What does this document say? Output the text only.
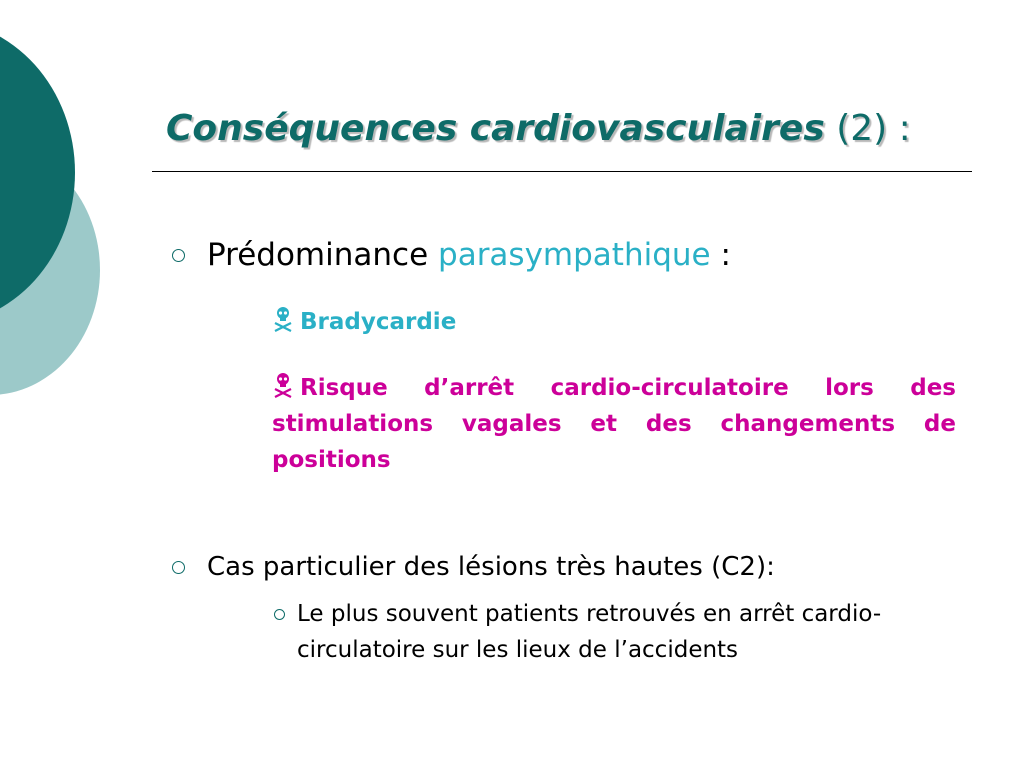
Conséquences cardiovasculaires (2) :
Prédominance parasympathique :
Bradycardie
Risque d’arrêt cardio-circulatoire lors des stimulations vagales et des changements de positions
Cas particulier des lésions très hautes (C2):
Le plus souvent patients retrouvés en arrêt cardio-circulatoire sur les lieux de l’accidents
